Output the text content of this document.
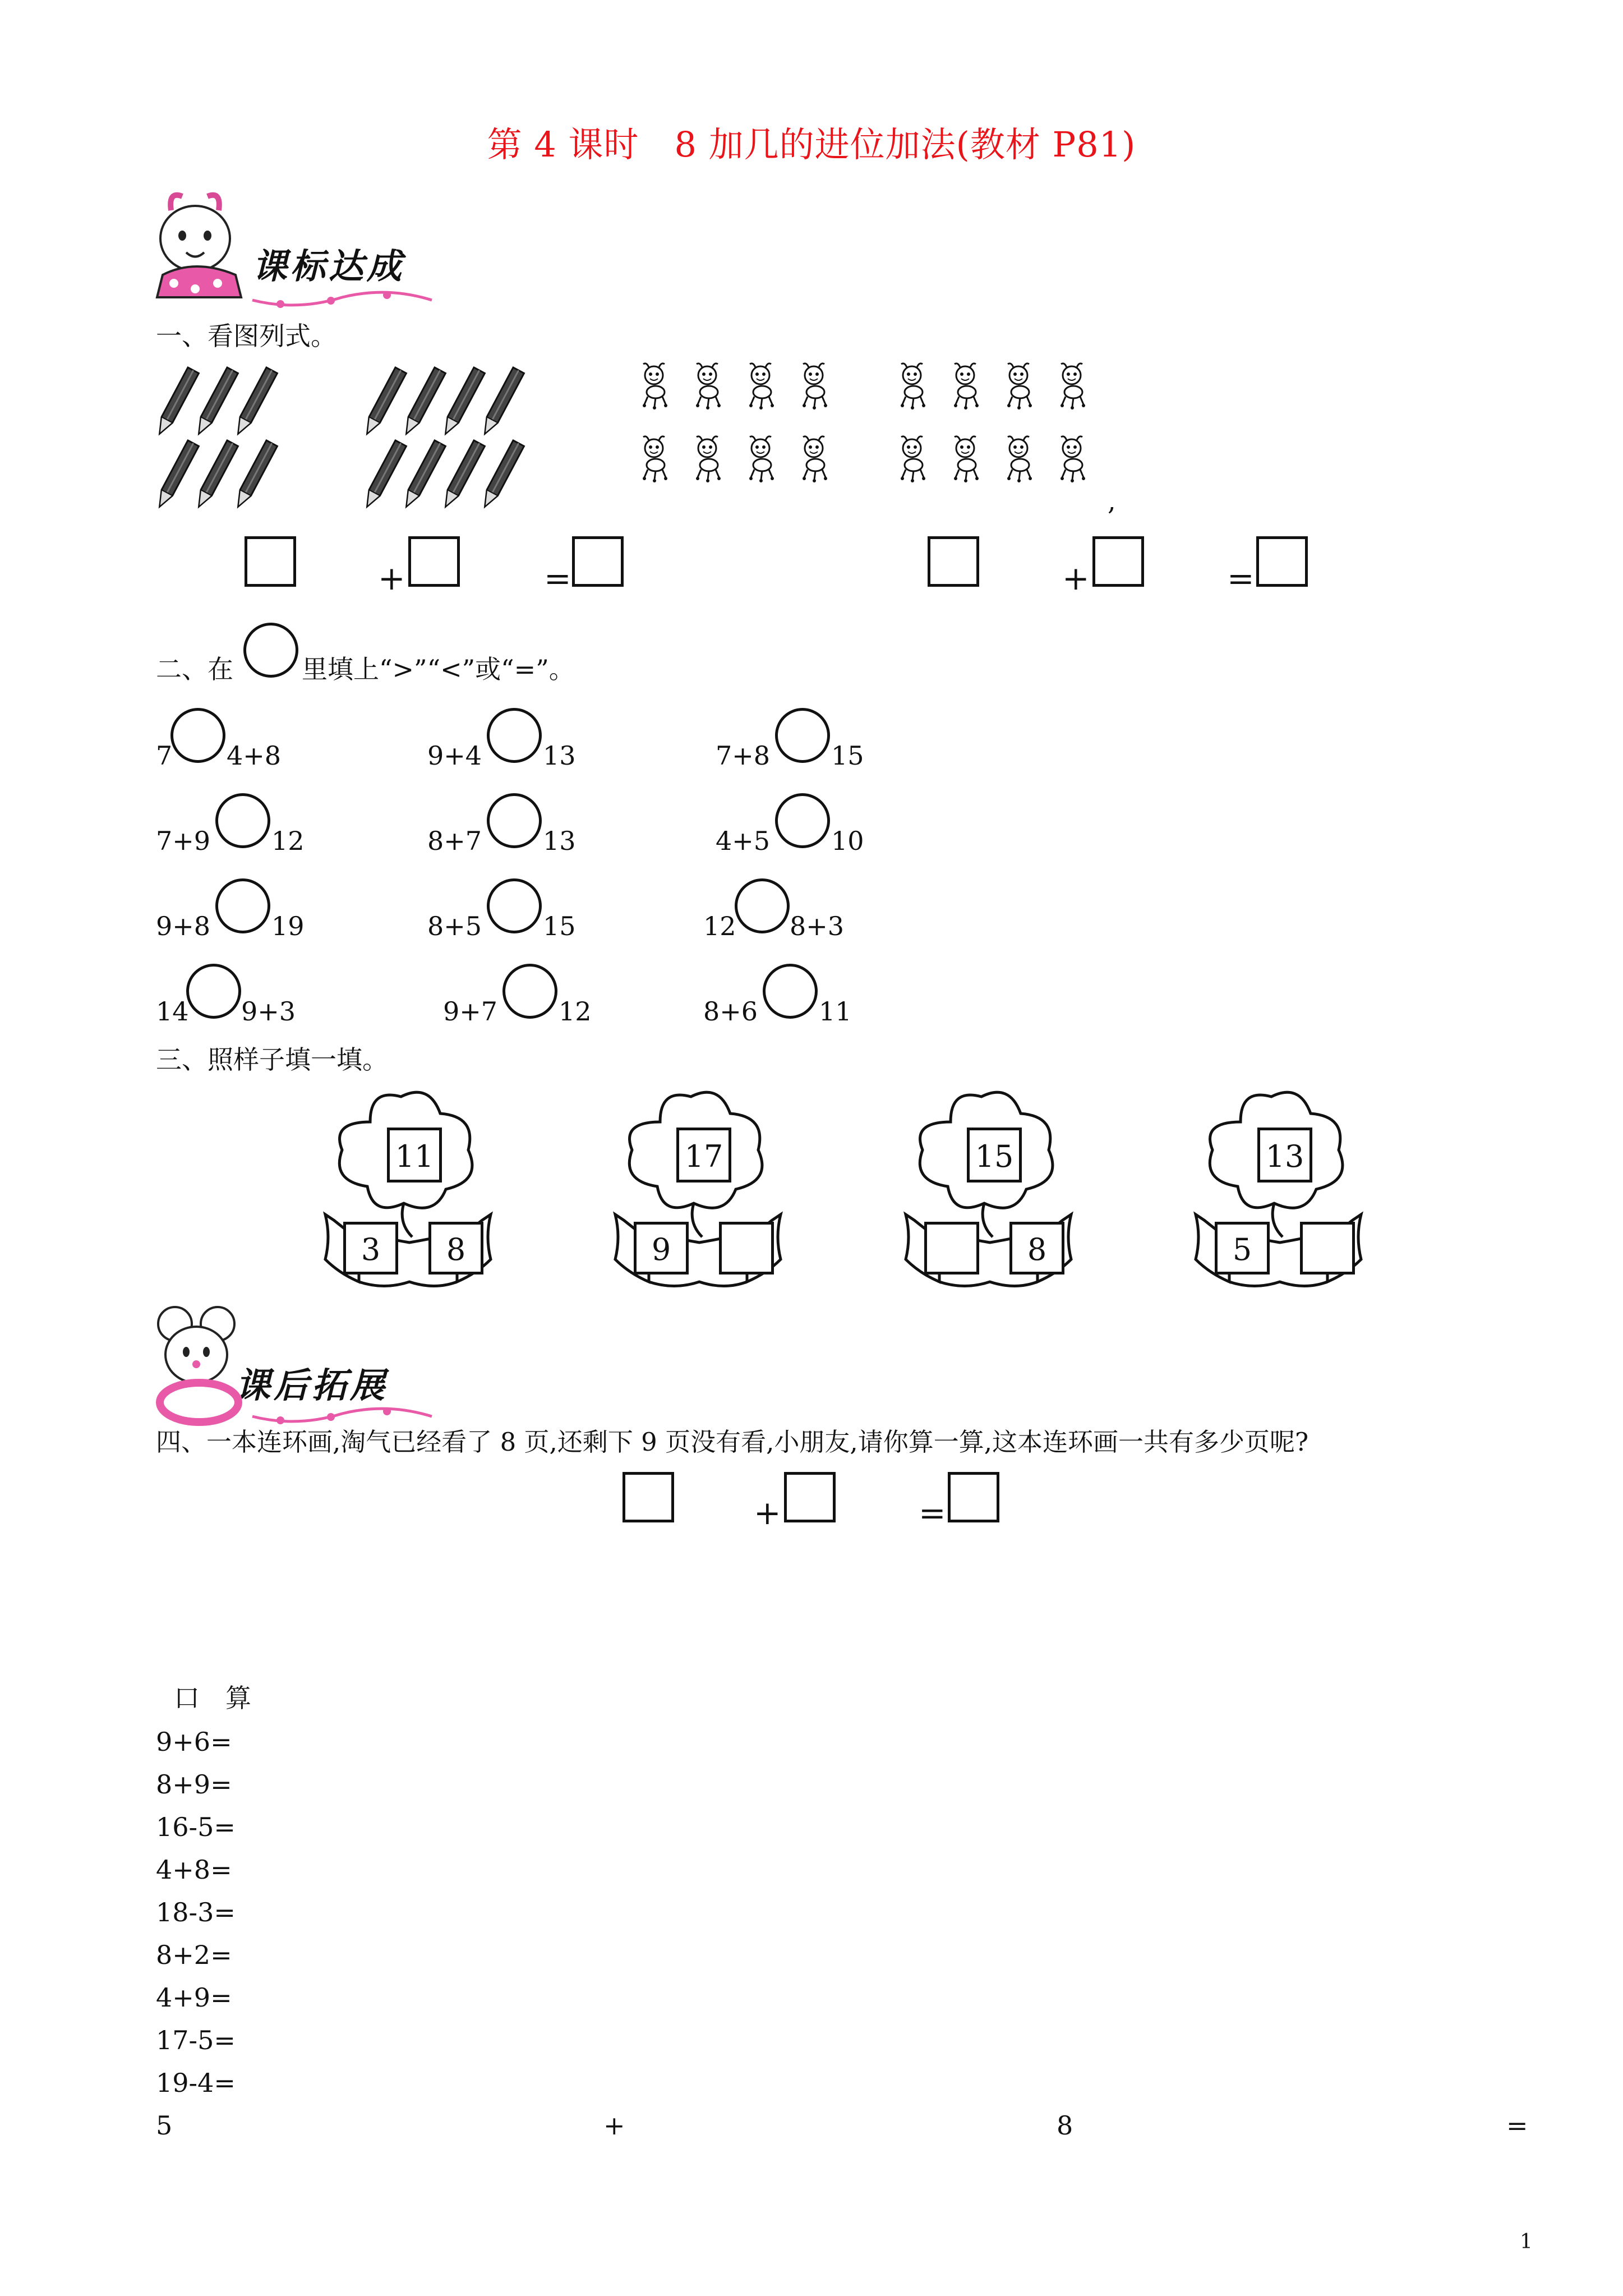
第 4 课时　8 加几的进位加法(教材 P81)
课标达成
一、看图列式。
,
+	=	+	=
二、在	里填上“>”“<”或“=”。
7 4+8	9+4 13	7+8 15
7+9 12	8+7 13	4+5 10
9+8 19	8+5 15	12 8+3
14 9+3	9+7 12	8+6 11
三、照样子填一填。
11
3	8
17
9
15
8
13
5
课后拓展
四、一本连环画,淘气已经看了 8 页,还剩下 9 页没有看,小朋友,请你算一算,这本连环画一共有多少页呢?
+	=
口　算
9+6=
8+9=
16-5=
4+8=
18-3=
8+2=
4+9=
17-5=
19-4=
5	+	8	=
1
